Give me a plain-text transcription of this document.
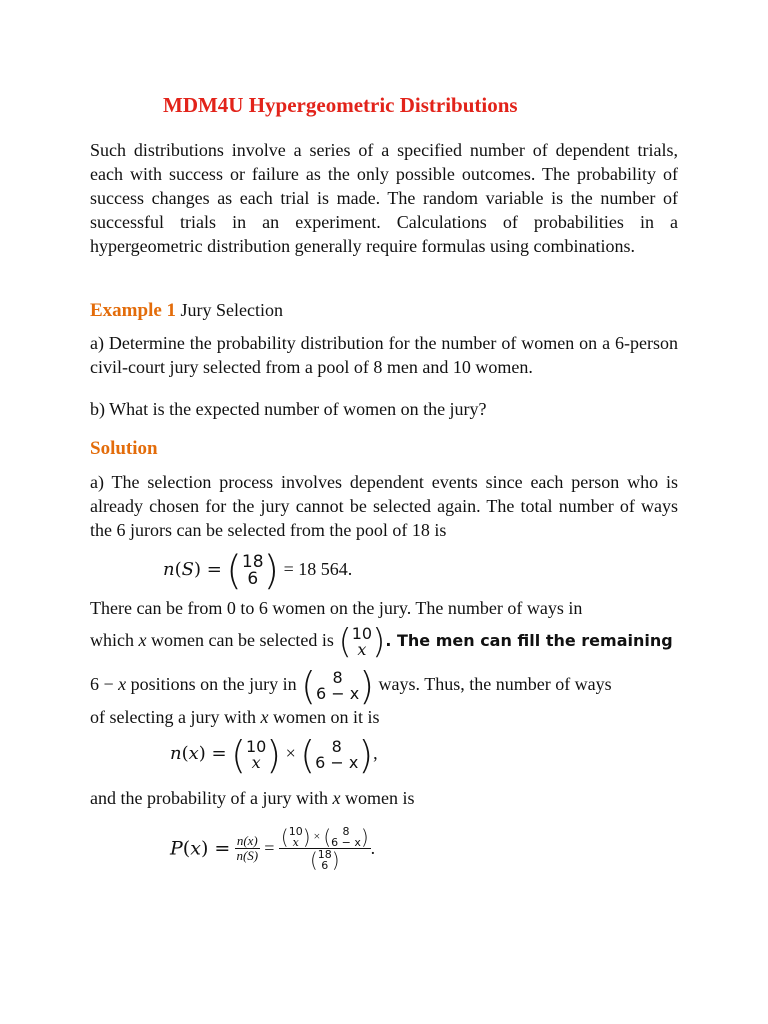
MDM4U Hypergeometric Distributions

Such distributions involve a series of a specified number of dependent trials, each with success or failure as the only possible outcomes. The probability of success changes as each trial is made. The random variable is the number of successful trials in an experiment. Calculations of probabilities in a hypergeometric distribution generally require formulas using combinations.

Example 1 Jury Selection

a) Determine the probability distribution for the number of women on a 6-person civil-court jury selected from a pool of 8 men and 10 women.

b) What is the expected number of women on the jury?

Solution

a) The selection process involves dependent events since each person who is already chosen for the jury cannot be selected again. The total number of ways the 6 jurors can be selected from the pool of 18 is

n(S) = ( 18
6 ) = 18 564.
There can be from 0 to 6 women on the jury. The number of ways in
which x women can be selected is ( 10
x ) . The men can fill the remaining
6 − x positions on the jury in ( 8
6 − x ) ways. Thus, the number of ways
of selecting a jury with x women on it is
n(x) = ( 10
x ) × ( 8
6 − x ) ,
and the probability of a jury with x women is
$P(x) = \frac{n(x)}{n(S)}$ = ( 10
x ) × ( 8
6 − x )
( 18
6 ) .
